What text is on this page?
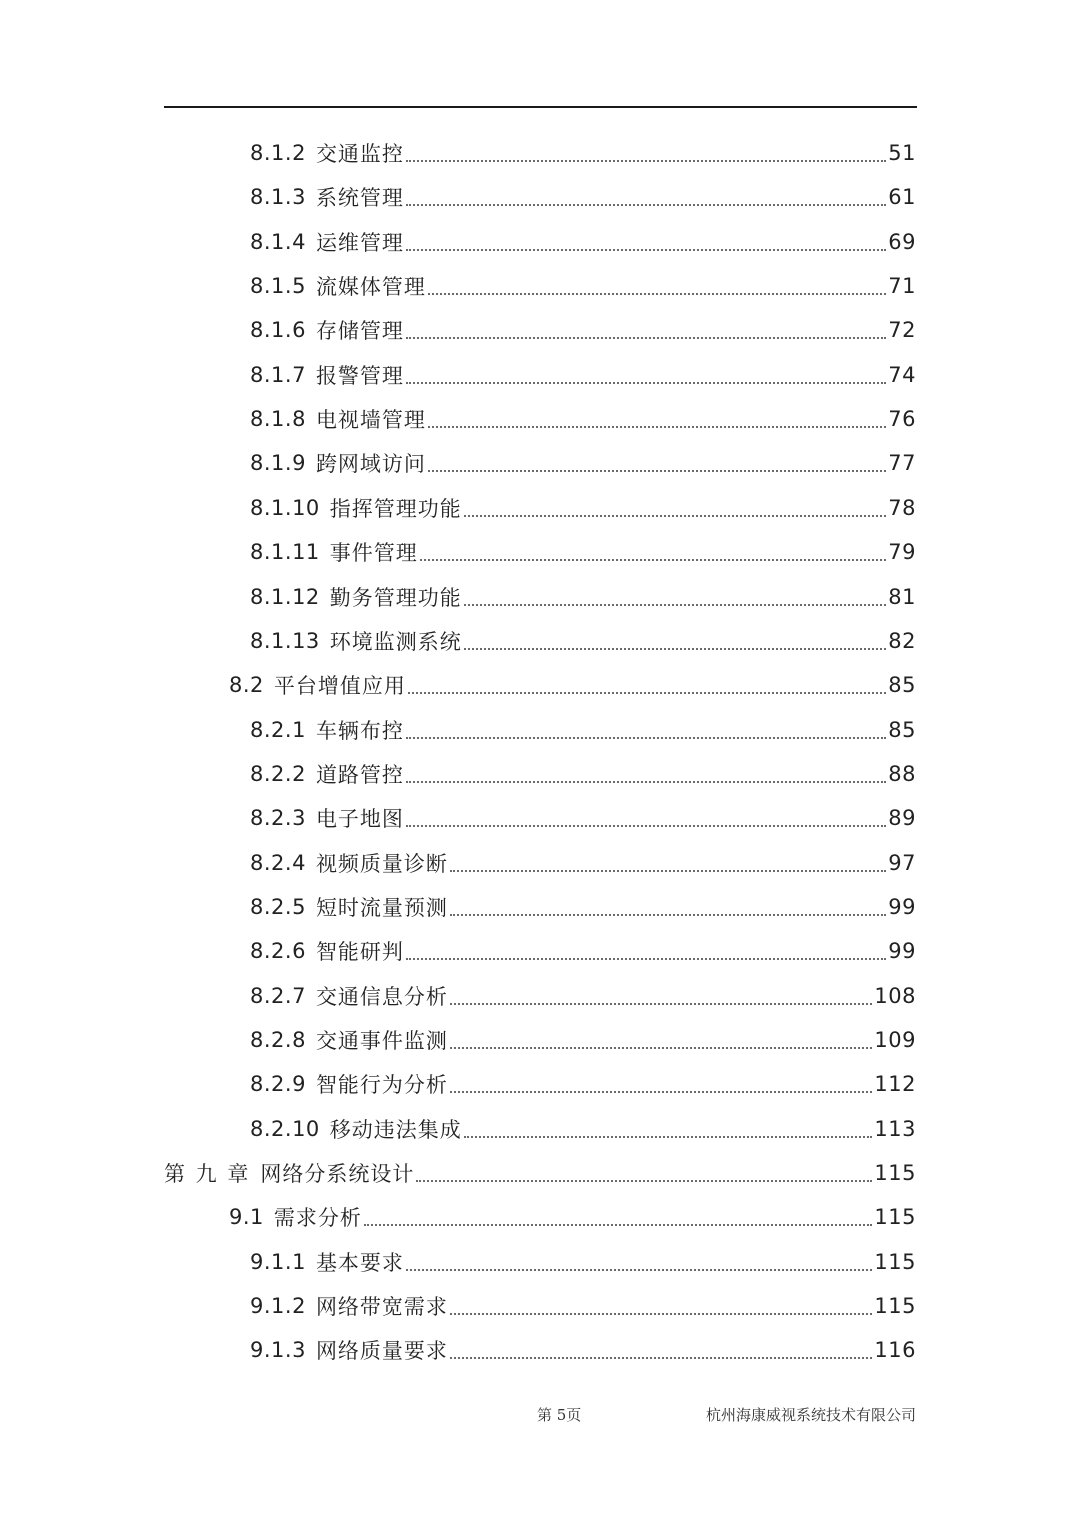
8.1.2 交通监控	51
8.1.3 系统管理	61
8.1.4 运维管理	69
8.1.5 流媒体管理	71
8.1.6 存储管理	72
8.1.7 报警管理	74
8.1.8 电视墙管理	76
8.1.9 跨网域访问	77
8.1.10 指挥管理功能	78
8.1.11 事件管理	79
8.1.12 勤务管理功能	81
8.1.13 环境监测系统	82
8.2 平台增值应用	85
8.2.1 车辆布控	85
8.2.2 道路管控	88
8.2.3 电子地图	89
8.2.4 视频质量诊断	97
8.2.5 短时流量预测	99
8.2.6 智能研判	99
8.2.7 交通信息分析	108
8.2.8 交通事件监测	109
8.2.9 智能行为分析	112
8.2.10 移动违法集成	113
第 九 章 网络分系统设计	115
9.1 需求分析	115
9.1.1 基本要求	115
9.1.2 网络带宽需求	115
9.1.3 网络质量要求	116
第 5页	杭州海康威视系统技术有限公司
